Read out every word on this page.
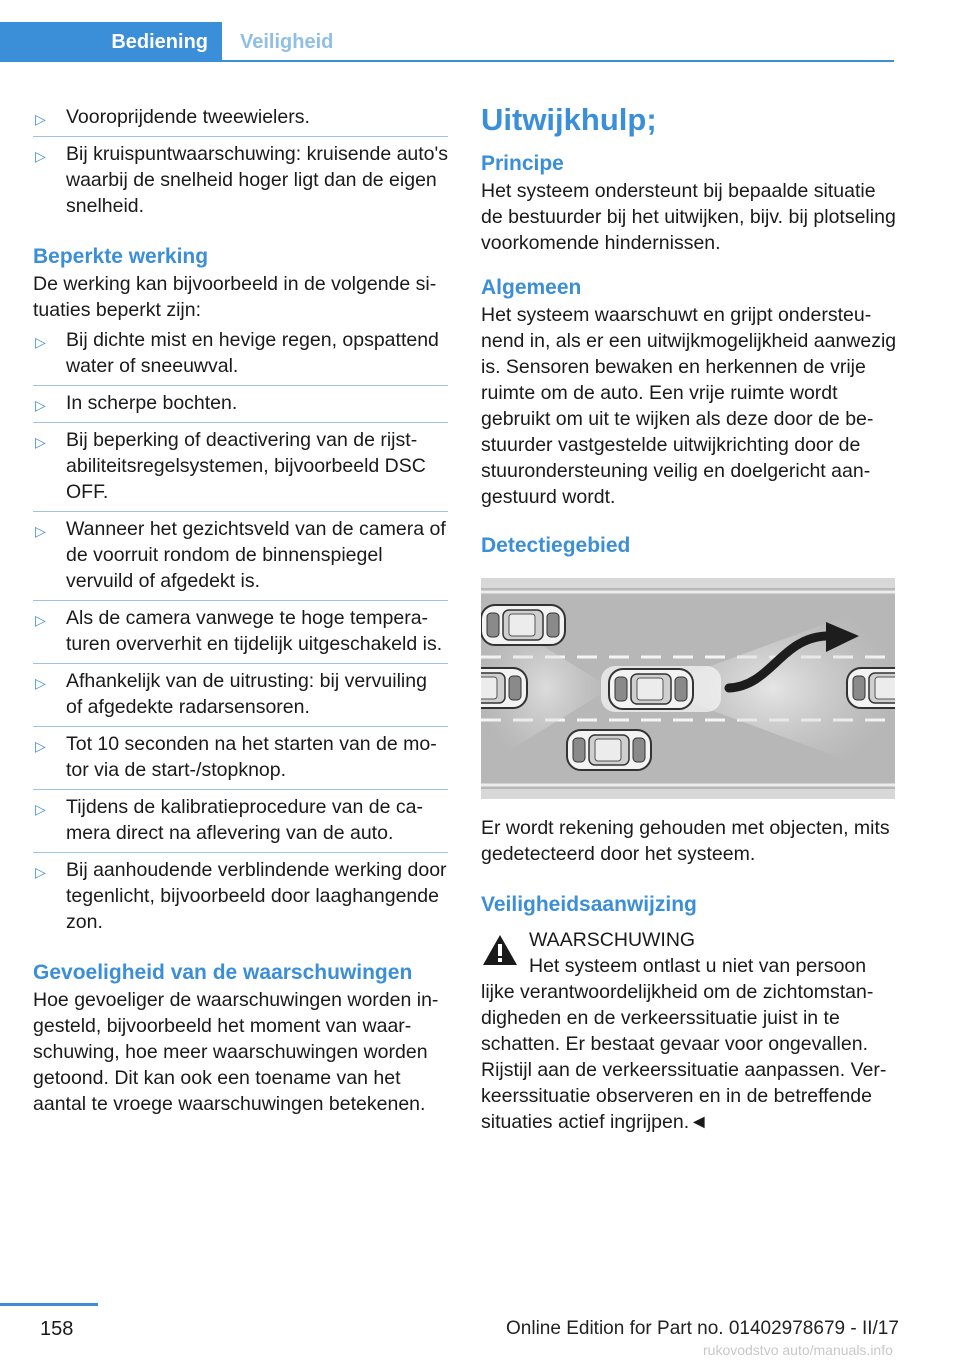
Bediening	Veiligheid
▷ Vooroprijdende tweewielers.
▷ Bij kruispuntwaarschuwing: kruisende auto's waarbij de snelheid hoger ligt dan de eigen snelheid.
Beperkte werking

De werking kan bijvoorbeeld in de volgende situaties beperkt zijn:

▷ Bij dichte mist en hevige regen, opspattend water of sneeuwval.
▷ In scherpe bochten.
▷ Bij beperking of deactivering van de rijstabiliteitsregelsystemen, bijvoorbeeld DSC OFF.
▷ Wanneer het gezichtsveld van de camera of de voorruit rondom de binnenspiegel vervuild of afgedekt is.
▷ Als de camera vanwege te hoge temperaturen oververhit en tijdelijk uitgeschakeld is.
▷ Afhankelijk van de uitrusting: bij vervuiling of afgedekte radarsensoren.
▷ Tot 10 seconden na het starten van de motor via de start-/stopknop.
▷ Tijdens de kalibratieprocedure van de camera direct na aflevering van de auto.
▷ Bij aanhoudende verblindende werking door tegenlicht, bijvoorbeeld door laaghangende zon.
Gevoeligheid van de waarschuwingen

Hoe gevoeliger de waarschuwingen worden ingesteld, bijvoorbeeld het moment van waarschuwing, hoe meer waarschuwingen worden getoond. Dit kan ook een toename van het aantal te vroege waarschuwingen betekenen.

Uitwijkhulp;
Principe

Het systeem ondersteunt bij bepaalde situatie de bestuurder bij het uitwijken, bijv. bij plotseling voorkomende hindernissen.

Algemeen

Het systeem waarschuwt en grijpt ondersteunend in, als er een uitwijkmogelijkheid aanwezig is. Sensoren bewaken en herkennen de vrije ruimte om de auto. Een vrije ruimte wordt gebruikt om uit te wijken als deze door de bestuurder vastgestelde uitwijkrichting door de stuurondersteuning veilig en doelgericht aangestuurd wordt.

Detectiegebied

Er wordt rekening gehouden met objecten, mits gedetecteerd door het systeem.

Veiligheidsaanwijzing

WAARSCHUWING

Het systeem ontlast u niet van persoon

lijke verantwoordelijkheid om de zichtomstandigheden en de verkeerssituatie juist in te schatten. Er bestaat gevaar voor ongevallen. Rijstijl aan de verkeerssituatie aanpassen. Verkeerssituatie observeren en in de betreffende situaties actief ingrijpen.◄

158	Online Edition for Part no. 01402978679 - II/17
rukovodstvo auto/manuals.info
